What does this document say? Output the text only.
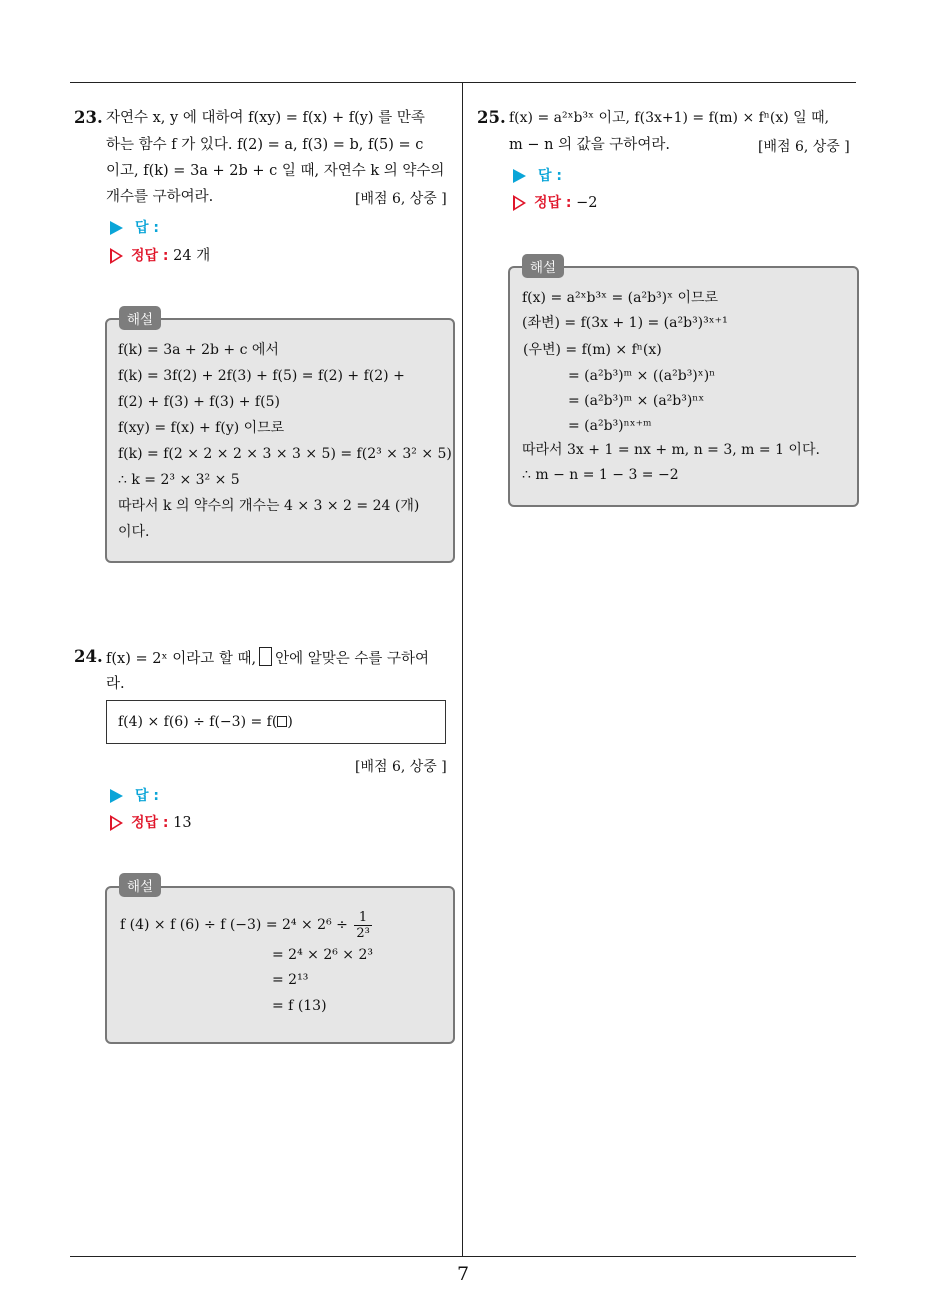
7
23. 자연수 x, y 에 대하여 f(xy) = f(x) + f(y) 를 만족
하는 함수 f 가 있다. f(2) = a, f(3) = b, f(5) = c
이고, f(k) = 3a + 2b + c 일 때, 자연수 k 의 약수의
개수를 구하여라.	[배점 6, 상중 ]
답 :
정답 : 24 개
해설
f(k) = 3a + 2b + c 에서
f(k) = 3f(2) + 2f(3) + f(5) = f(2) + f(2) +
f(2) + f(3) + f(3) + f(5)
f(xy) = f(x) + f(y) 이므로
f(k) = f(2 × 2 × 2 × 3 × 3 × 5) = f(2³ × 3² × 5)
∴ k = 2³ × 3² × 5
따라서 k 의 약수의 개수는 4 × 3 × 2 = 24 (개)
이다.
24. f(x) = 2ˣ 이라고 할 때, 안에 알맞은 수를 구하여
라.
f(4) × f(6) ÷ f(−3) = f( )
[배점 6, 상중 ]
답 :
정답 : 13
해설
f (4) × f (6) ÷ f $(-3) = 2^4 \times 2^6 \div \frac{1}{\text{2³}}$
= 2⁴ × 2⁶ × 2³
= 2¹³
= f (13)
25. f(x) = a²ˣb³ˣ 이고, f(3x+1) = f(m) × fⁿ(x) 일 때,
m − n 의 값을 구하여라.	[배점 6, 상중 ]
답 :
정답 : −2
해설
f(x) = a²ˣb³ˣ = (a²b³)ˣ 이므로
(좌변) = f(3x + 1) = (a²b³)³ˣ⁺¹
(우변) = f(m) × fⁿ(x)
= (a²b³)ᵐ × ((a²b³)ˣ)ⁿ
= (a²b³)ᵐ × (a²b³)ⁿˣ
= (a²b³)ⁿˣ⁺ᵐ
따라서 3x + 1 = nx + m, n = 3, m = 1 이다.
∴ m − n = 1 − 3 = −2
